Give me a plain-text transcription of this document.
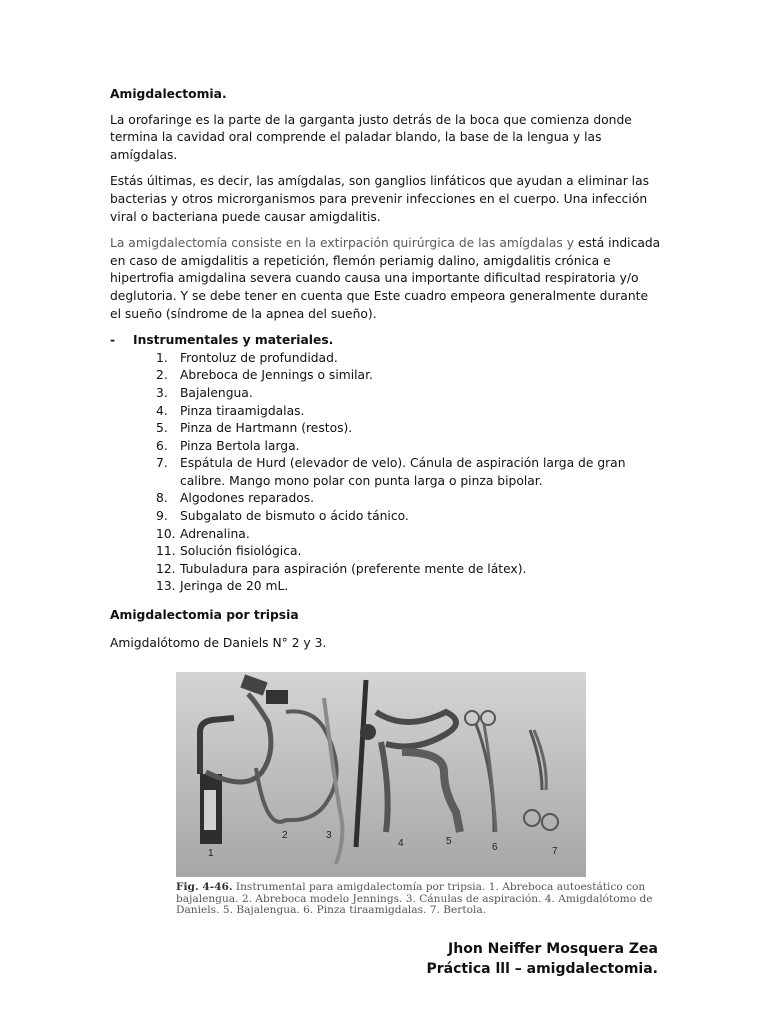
Amigdalectomia.

La orofaringe es la parte de la garganta justo detrás de la boca que comienza donde termina la cavidad oral comprende el paladar blando, la base de la lengua y las amígdalas.

Estás últimas, es decir, las amígdalas, son ganglios linfáticos que ayudan a eliminar las bacterias y otros microrganismos para prevenir infecciones en el cuerpo. Una infección viral o bacteriana puede causar amigdalitis.

La amigdalectomía consiste en la extirpación quirúrgica de las amígdalas y está indicada en caso de amigdalitis a repetición, flemón periamig dalino, amigdalitis crónica e hipertrofia amigdalina severa cuando causa una importante dificultad respiratoria y/o deglutoria. Y se debe tener en cuenta que Este cuadro empeora generalmente durante el sueño (síndrome de la apnea del sueño).

-	Instrumentales y materiales.
1. Frontoluz de profundidad.
2. Abreboca de Jennings o similar.
3. Bajalengua.
4. Pinza tiraamigdalas.
5. Pinza de Hartmann (restos).
6. Pinza Bertola larga.
7. Espátula de Hurd (elevador de velo). Cánula de aspiración larga de gran calibre. Mango mono polar con punta larga o pinza bipolar.
8. Algodones reparados.
9. Subgalato de bismuto o ácido tánico.
10. Adrenalina.
11. Solución fisiológica.
12. Tubuladura para aspiración (preferente mente de látex).
13. Jeringa de 20 mL.
Amigdalectomia por tripsia

Amigdalótomo de Daniels N° 2 y 3.

1
2	3
4	5
6	7
Fig. 4-46. Instrumental para amigdalectomía por tripsia. 1. Abreboca autoestático con bajalengua. 2. Abreboca modelo Jennings. 3. Cánulas de aspiración. 4. Amigdalótomo de Daniels. 5. Bajalengua. 6. Pinza tiraamigdalas. 7. Bertola.
Jhon Neiffer Mosquera Zea
Práctica lll – amigdalectomia.
